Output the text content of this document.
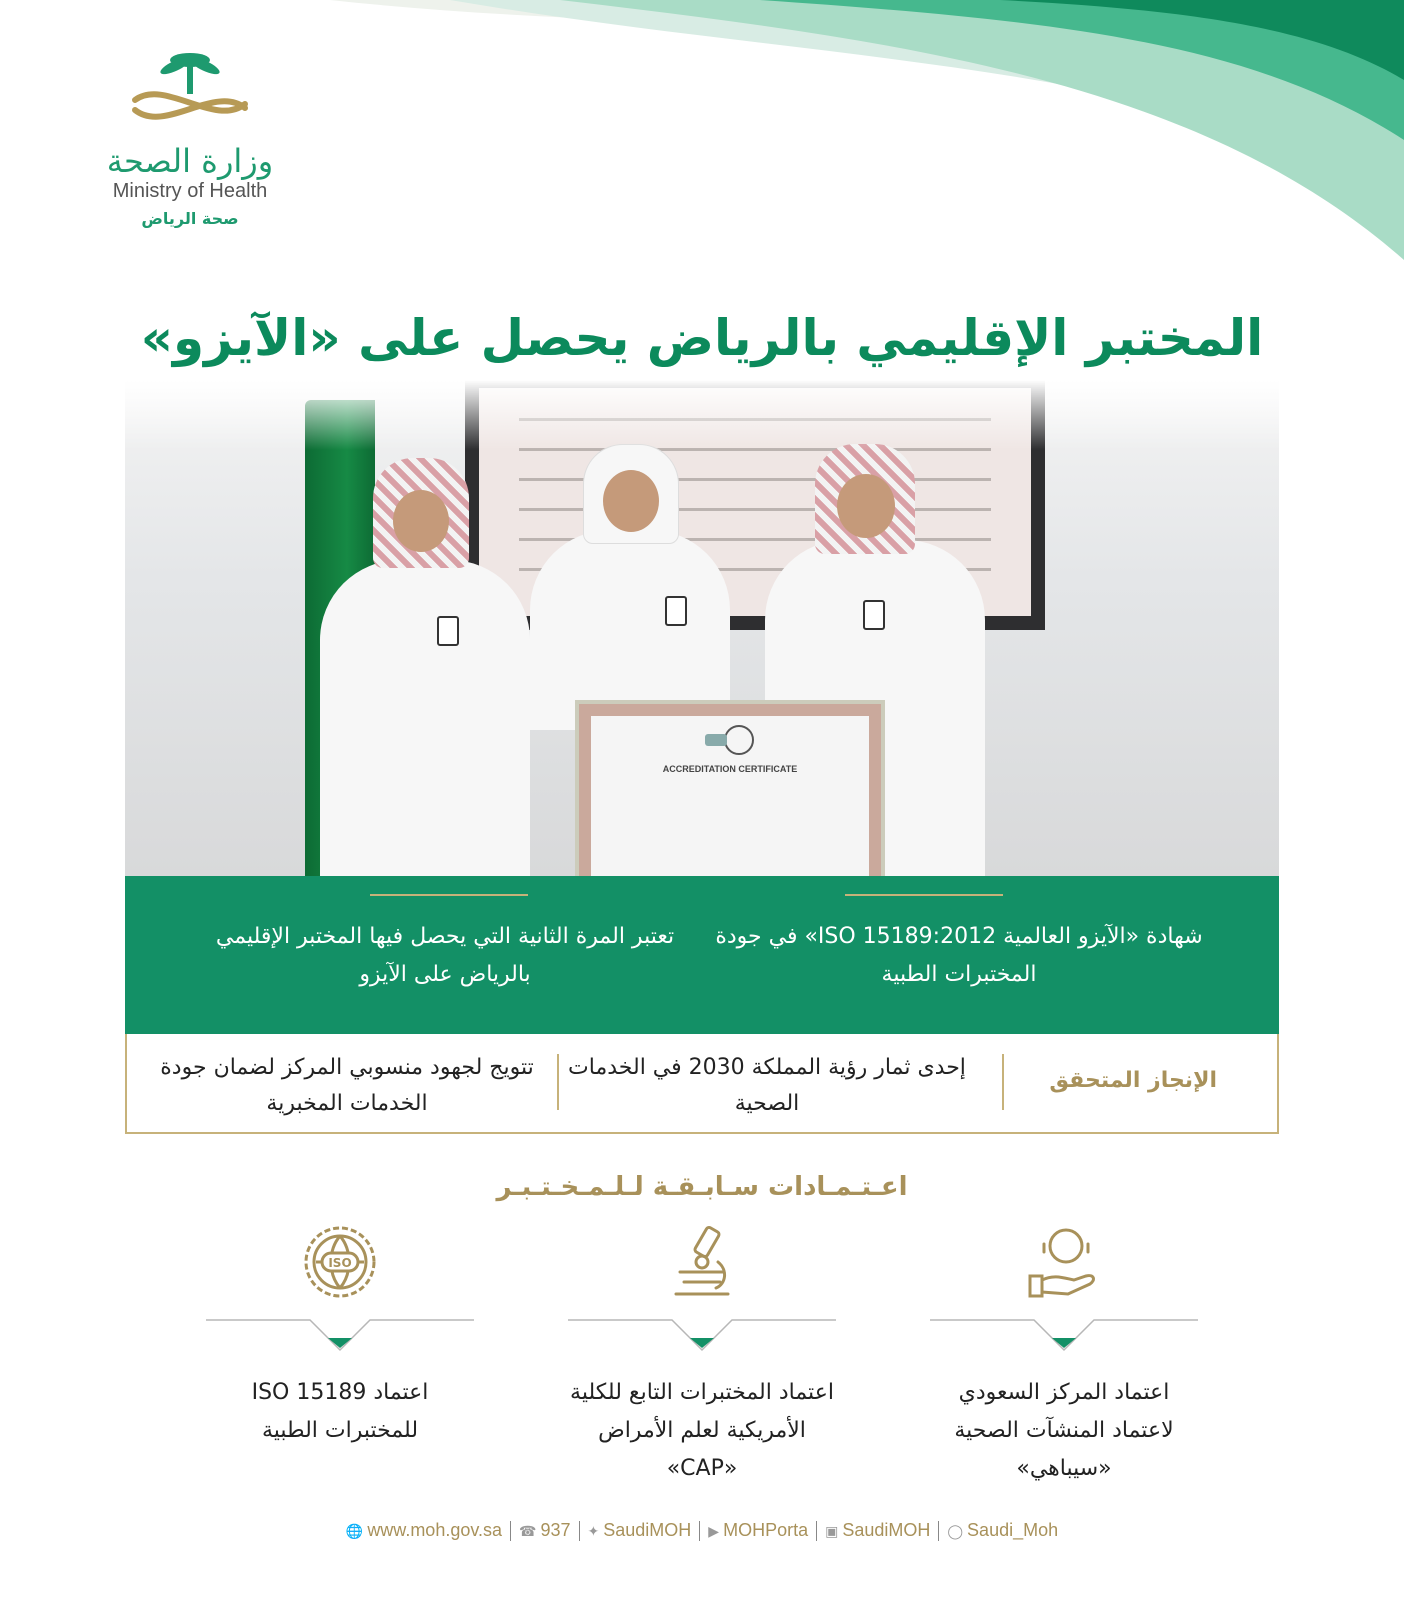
وزارة الصحة
Ministry of Health
صحة الرياض
المختبر الإقليمي بالرياض يحصل على «الآيزو»
ACCREDITATION CERTIFICATE
شهادة «الآيزو العالمية ISO 15189:2012» في جودة المختبرات الطبية
تعتبر المرة الثانية التي يحصل فيها المختبر الإقليمي بالرياض على الآيزو
الإنجاز المتحقق
إحدى ثمار رؤية المملكة 2030 في الخدمات الصحية
تتويج لجهود منسوبي المركز لضمان جودة الخدمات المخبرية
اعـتـمـادات سـابـقـة لـلـمـخـتـبـر
اعتماد المركز السعودي لاعتماد المنشآت الصحية «سيباهي»
اعتماد المختبرات التابع للكلية الأمريكية لعلم الأمراض «CAP»
ISO
اعتماد ISO 15189 للمختبرات الطبية
🌐 www.moh.gov.sa ☎ 937 ✦ SaudiMOH ▶ MOHPorta ▣ SaudiMOH ◯ Saudi_Moh
